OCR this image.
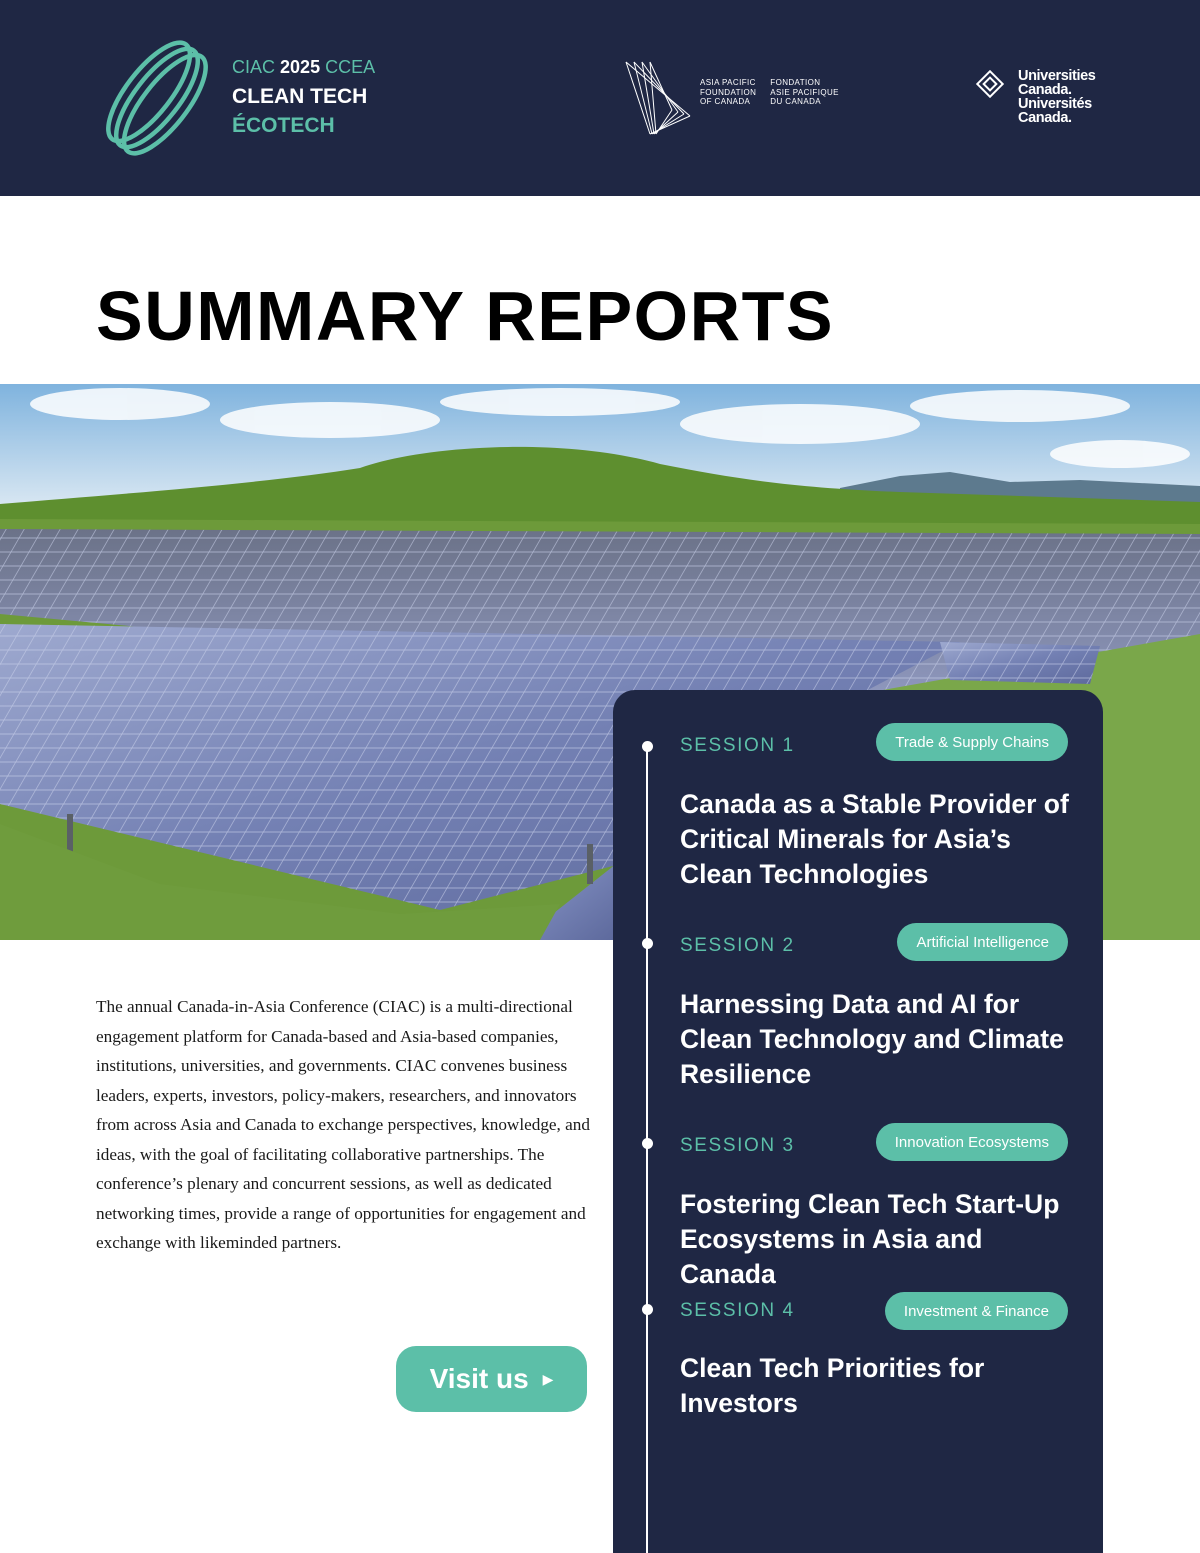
CIAC 2025 CCEA
CLEAN TECH
ÉCOTECH
ASIA PACIFIC
FOUNDATION
OF CANADA
FONDATION
ASIE PACIFIQUE
DU CANADA
Universities
Canada.
Universités
Canada.
SUMMARY REPORTS

The annual Canada-in-Asia Conference (CIAC) is a multi-directional engagement platform for Canada-based and Asia-based companies, institutions, universities, and governments. CIAC convenes business leaders, experts, investors, policy-makers, researchers, and innovators from across Asia and Canada to exchange perspectives, knowledge, and ideas, with the goal of facilitating collaborative partnerships. The conference’s plenary and concurrent sessions, as well as dedicated networking times, provide a range of opportunities for engagement and exchange with likeminded partners.

Visit us ▶
SESSION 1	Trade & Supply Chains
Canada as a Stable Provider of Critical Minerals for Asia’s Clean Technologies
SESSION 2	Artificial Intelligence
Harnessing Data and AI for Clean Technology and Climate Resilience
SESSION 3	Innovation Ecosystems
Fostering Clean Tech Start-Up Ecosystems in Asia and Canada
SESSION 4	Investment & Finance
Clean Tech Priorities for Investors
